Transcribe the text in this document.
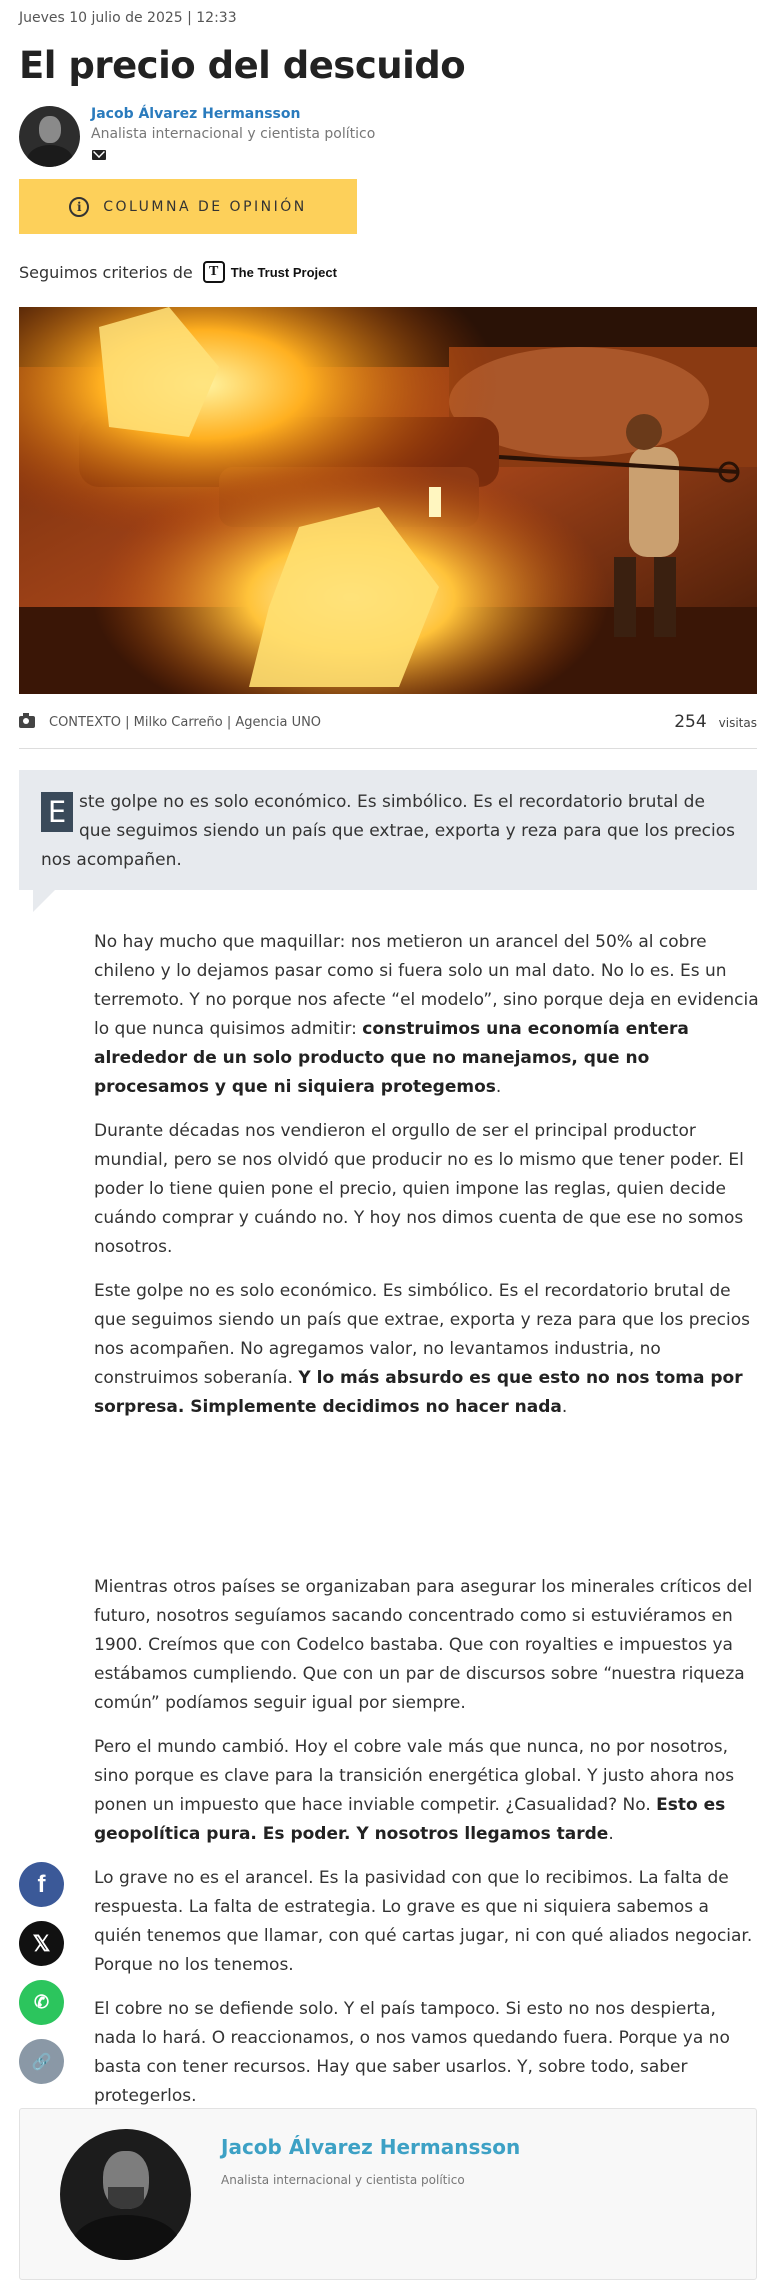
Jueves 10 julio de 2025 | 12:33
El precio del descuido
Jacob Álvarez Hermansson
Analista internacional y cientista político
i	COLUMNA DE OPINIÓN
Seguimos criterios de	T The Trust Project
CONTEXTO | Milko Carreño | Agencia UNO	254 visitas
E ste golpe no es solo económico. Es simbólico. Es el recordatorio brutal de que seguimos siendo un país que extrae, exporta y reza para que los precios nos acompañen.

No hay mucho que maquillar: nos metieron un arancel del 50% al cobre chileno y lo dejamos pasar como si fuera solo un mal dato. No lo es. Es un terremoto. Y no porque nos afecte “el modelo”, sino porque deja en evidencia lo que nunca quisimos admitir: construimos una economía entera alrededor de un solo producto que no manejamos, que no procesamos y que ni siquiera protegemos.

Durante décadas nos vendieron el orgullo de ser el principal productor mundial, pero se nos olvidó que producir no es lo mismo que tener poder. El poder lo tiene quien pone el precio, quien impone las reglas, quien decide cuándo comprar y cuándo no. Y hoy nos dimos cuenta de que ese no somos nosotros.

Este golpe no es solo económico. Es simbólico. Es el recordatorio brutal de que seguimos siendo un país que extrae, exporta y reza para que los precios nos acompañen. No agregamos valor, no levantamos industria, no construimos soberanía. Y lo más absurdo es que esto no nos toma por sorpresa. Simplemente decidimos no hacer nada.

Mientras otros países se organizaban para asegurar los minerales críticos del futuro, nosotros seguíamos sacando concentrado como si estuviéramos en 1900. Creímos que con Codelco bastaba. Que con royalties e impuestos ya estábamos cumpliendo. Que con un par de discursos sobre “nuestra riqueza común” podíamos seguir igual por siempre.

Pero el mundo cambió. Hoy el cobre vale más que nunca, no por nosotros, sino porque es clave para la transición energética global. Y justo ahora nos ponen un impuesto que hace inviable competir. ¿Casualidad? No. Esto es geopolítica pura. Es poder. Y nosotros llegamos tarde.

Lo grave no es el arancel. Es la pasividad con que lo recibimos. La falta de respuesta. La falta de estrategia. Lo grave es que ni siquiera sabemos a quién tenemos que llamar, con qué cartas jugar, ni con qué aliados negociar. Porque no los tenemos.

El cobre no se defiende solo. Y el país tampoco. Si esto no nos despierta, nada lo hará. O reaccionamos, o nos vamos quedando fuera. Porque ya no basta con tener recursos. Hay que saber usarlos. Y, sobre todo, saber protegerlos.

f
𝕏
✆
🔗
Jacob Álvarez Hermansson
Analista internacional y cientista político
